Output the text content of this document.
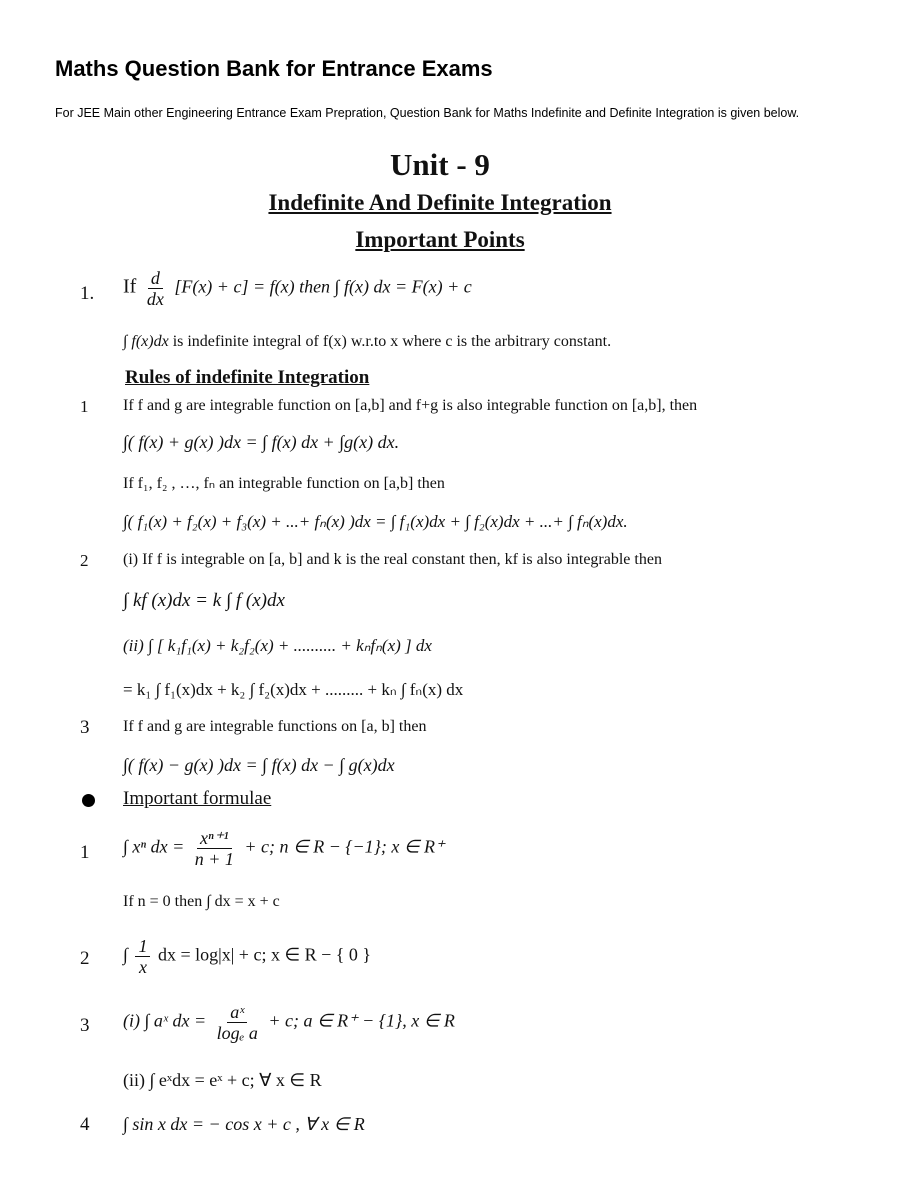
Maths Question Bank for Entrance Exams

For JEE Main other Engineering Entrance Exam Prepration, Question Bank for Maths Indefinite and Definite Integration is given below.

Unit - 9
Indefinite And Definite Integration
Important Points
1. If $\frac{d}{dx} [F(x) + c] = f(x)$ then ∫ f(x) dx = F(x) + c
∫ f(x)dx is indefinite integral of f(x) w.r.to x where c is the arbitrary constant.
Rules of indefinite Integration
1 If f and g are integrable function on [a,b] and f+g is also integrable function on [a,b], then
∫( f(x) + g(x) )dx = ∫ f(x) dx + ∫g(x) dx.
If f₁, f₂ , …, fₙ an integrable function on [a,b] then
∫( f₁(x) + f₂(x) + f₃(x) + ...+ fₙ(x) )dx = ∫ f₁(x)dx + ∫ f₂(x)dx + ...+ ∫ fₙ(x)dx.
2 (i) If f is integrable on [a, b] and k is the real constant then, kf is also integrable then
∫ kf (x)dx = k ∫ f (x)dx
(ii) ∫ [ k₁f₁(x) + k₂f₂(x) + .......... + kₙfₙ(x) ] dx
= k₁ ∫ f₁(x)dx + k₂ ∫ f₂(x)dx + ......... + kₙ ∫ fₙ(x) dx
3 If f and g are integrable functions on [a, b] then
∫( f(x) − g(x) )dx = ∫ f(x) dx − ∫ g(x)dx
Important formulae
1 ∫ xⁿ dx = $\frac{\text{xⁿ⁺¹}}{n + 1} + c$; n ∈ R − {−1}; x ∈ R⁺
If n = 0 then ∫ dx = x + c
2 ∫ $\frac{1}{x}$ dx = log|x| + c; x ∈ R − { 0 }
3 (i) ∫ aˣ dx = $\frac{\text{aˣ}}{\text{logₑ a}} + c$; a ∈ R⁺ − {1}, x ∈ R
(ii) ∫ eˣdx = eˣ + c; ∀ x ∈ R
4 ∫ sin x dx = − cos x + c , ∀ x ∈ R
